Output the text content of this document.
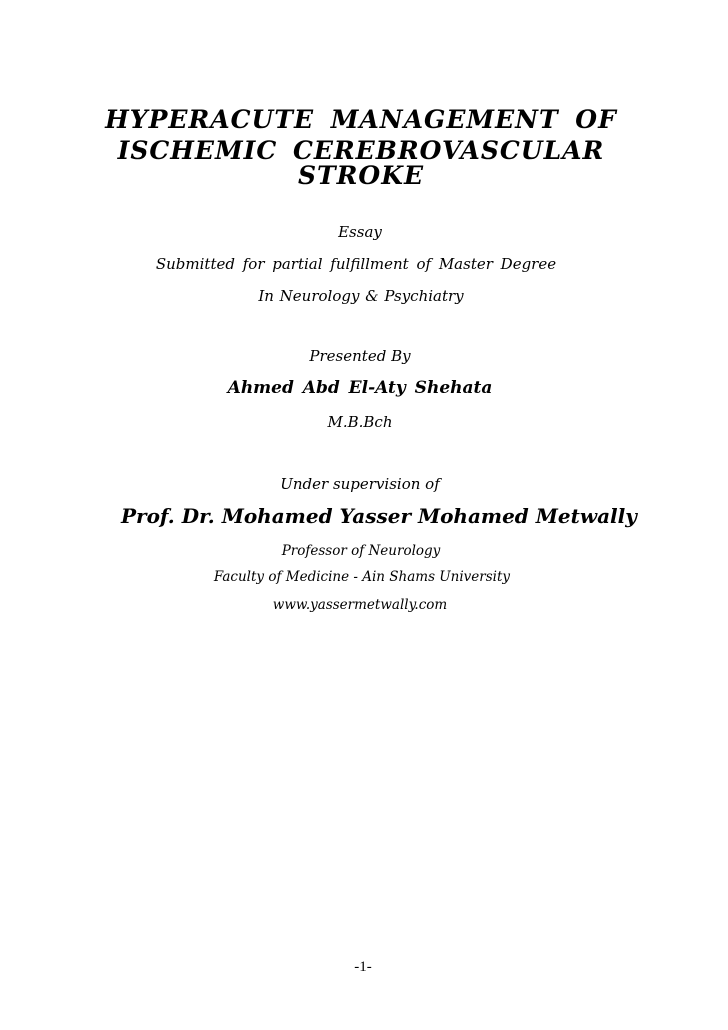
HYPERACUTE MANAGEMENT OF
ISCHEMIC CEREBROVASCULAR
STROKE
Essay
Submitted for partial fulfillment of Master Degree
In Neurology & Psychiatry
Presented By
Ahmed Abd El-Aty Shehata
M.B.Bch
Under supervision of
Prof. Dr. Mohamed Yasser Mohamed Metwally
Professor of Neurology
Faculty of Medicine - Ain Shams University
www.yassermetwally.com
-1-
